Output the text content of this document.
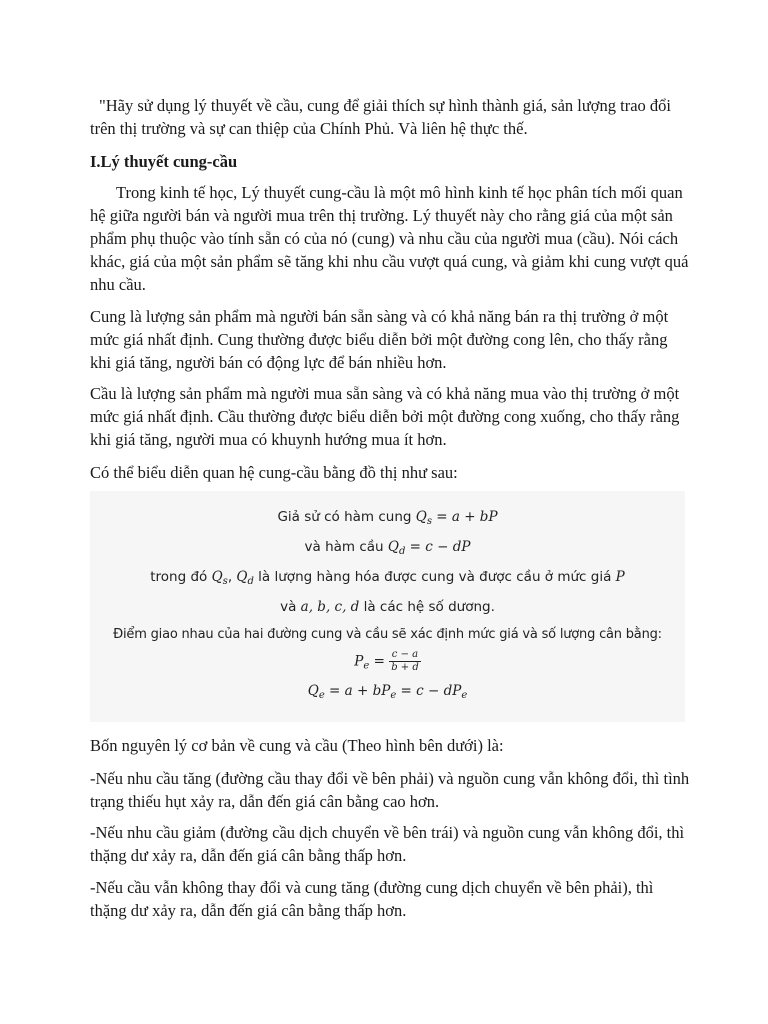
"Hãy sử dụng lý thuyết về cầu, cung để giải thích sự hình thành giá, sản lượng trao đổi trên thị trường và sự can thiệp của Chính Phủ. Và liên hệ thực thế.

I.Lý thuyết cung-cầu

Trong kinh tế học, Lý thuyết cung-cầu là một mô hình kinh tế học phân tích mối quan hệ giữa người bán và người mua trên thị trường. Lý thuyết này cho rằng giá của một sản phẩm phụ thuộc vào tính sẵn có của nó (cung) và nhu cầu của người mua (cầu). Nói cách khác, giá của một sản phẩm sẽ tăng khi nhu cầu vượt quá cung, và giảm khi cung vượt quá nhu cầu.

Cung là lượng sản phẩm mà người bán sẵn sàng và có khả năng bán ra thị trường ở một mức giá nhất định. Cung thường được biểu diễn bởi một đường cong lên, cho thấy rằng khi giá tăng, người bán có động lực để bán nhiều hơn.

Cầu là lượng sản phẩm mà người mua sẵn sàng và có khả năng mua vào thị trường ở một mức giá nhất định. Cầu thường được biểu diễn bởi một đường cong xuống, cho thấy rằng khi giá tăng, người mua có khuynh hướng mua ít hơn.

Có thể biểu diễn quan hệ cung-cầu bằng đồ thị như sau:

Giả sử có hàm cung $Q_s = a$ + bP
và hàm cầu $Q_d = c$ − dP
trong đó $Q_s$, $Q_d$ là lượng hàng hóa được cung và được cầu ở mức giá P
và a, b, c, d là các hệ số dương.
Điểm giao nhau của hai đường cung và cầu sẽ xác định mức giá và số lượng cân bằng:
$P_e = \frac{c - a}{b + d}$
$Q_e = a + bP_e = c - dP_e$

Bốn nguyên lý cơ bản về cung và cầu (Theo hình bên dưới) là:

-Nếu nhu cầu tăng (đường cầu thay đổi về bên phải) và nguồn cung vẫn không đổi, thì tình trạng thiếu hụt xảy ra, dẫn đến giá cân bằng cao hơn.

-Nếu nhu cầu giảm (đường cầu dịch chuyển về bên trái) và nguồn cung vẫn không đổi, thì thặng dư xảy ra, dẫn đến giá cân bằng thấp hơn.

-Nếu cầu vẫn không thay đổi và cung tăng (đường cung dịch chuyển về bên phải), thì thặng dư xảy ra, dẫn đến giá cân bằng thấp hơn.
